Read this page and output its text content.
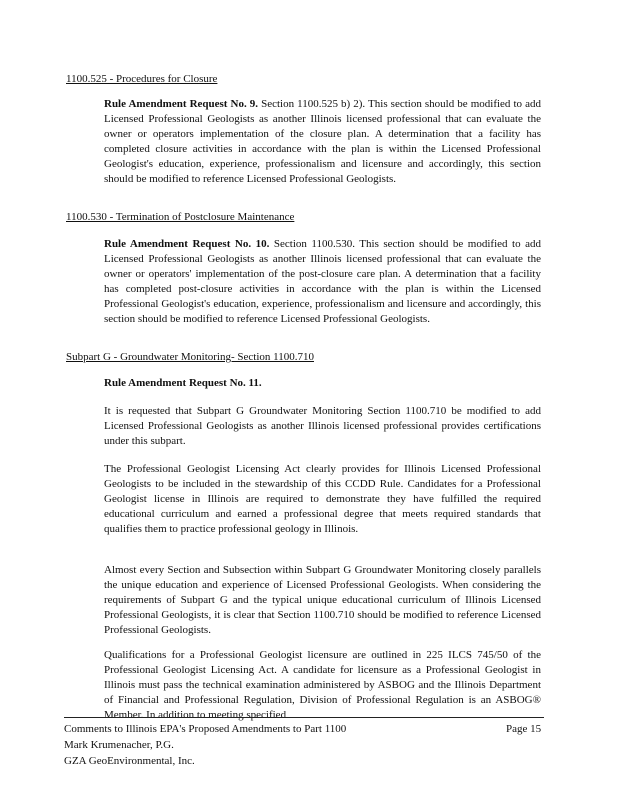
1100.525 - Procedures for Closure

Rule Amendment Request No. 9. Section 1100.525 b) 2). This section should be modified to add Licensed Professional Geologists as another Illinois licensed professional that can evaluate the owner or operators implementation of the closure plan. A determination that a facility has completed closure activities in accordance with the plan is within the Licensed Professional Geologist's education, experience, professionalism and licensure and accordingly, this section should be modified to reference Licensed Professional Geologists.

1100.530 - Termination of Postclosure Maintenance

Rule Amendment Request No. 10. Section 1100.530. This section should be modified to add Licensed Professional Geologists as another Illinois licensed professional that can evaluate the owner or operators' implementation of the post-closure care plan. A determination that a facility has completed post-closure activities in accordance with the plan is within the Licensed Professional Geologist's education, experience, professionalism and licensure and accordingly, this section should be modified to reference Licensed Professional Geologists.

Subpart G - Groundwater Monitoring- Section 1100.710

Rule Amendment Request No. 11.

It is requested that Subpart G Groundwater Monitoring Section 1100.710 be modified to add Licensed Professional Geologists as another Illinois licensed professional provides certifications under this subpart.

The Professional Geologist Licensing Act clearly provides for Illinois Licensed Professional Geologists to be included in the stewardship of this CCDD Rule. Candidates for a Professional Geologist license in Illinois are required to demonstrate they have fulfilled the required educational curriculum and earned a professional degree that meets required standards that qualifies them to practice professional geology in Illinois.

Almost every Section and Subsection within Subpart G Groundwater Monitoring closely parallels the unique education and experience of Licensed Professional Geologists. When considering the requirements of Subpart G and the typical unique educational curriculum of Illinois Licensed Professional Geologists, it is clear that Section 1100.710 should be modified to reference Licensed Professional Geologists.

Qualifications for a Professional Geologist licensure are outlined in 225 ILCS 745/50 of the Professional Geologist Licensing Act. A candidate for licensure as a Professional Geologist in Illinois must pass the technical examination administered by ASBOG and the Illinois Department of Financial and Professional Regulation, Division of Professional Regulation is an ASBOG® Member. In addition to meeting specified

Comments to Illinois EPA's Proposed Amendments to Part 1100	Page 15
Mark Krumenacher, P.G.
GZA GeoEnvironmental, Inc.
